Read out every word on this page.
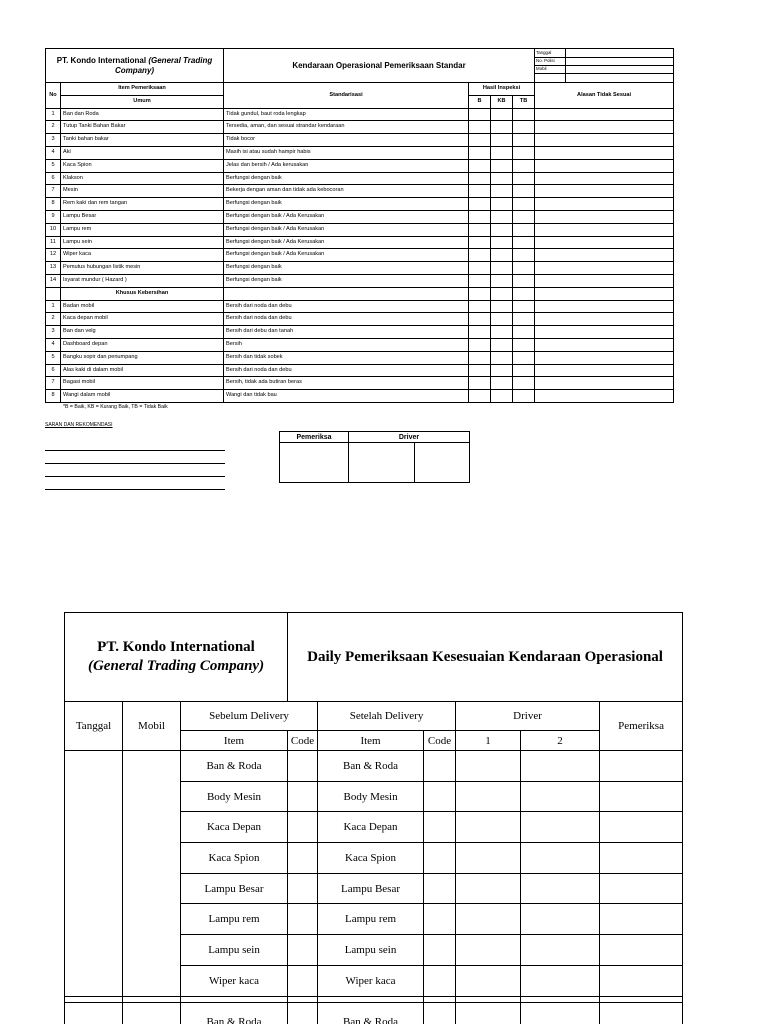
PT. Kondo International (General Trading Company)	Kendaraan Operasional Pemeriksaan Standar	
Tanggal	
No. Polisi	
Mobil	

No	Item Pemeriksaan	Standarisasi	Hasil Inspeksi	Alasan Tidak Sesuai
Umum	B	KB	TB
1	Ban dan Roda	Tidak gundul, baut roda lengkap				
2	Tutup Tanki Bahan Bakar	Tersedia, aman, dan sesuai strandar kendaraan				
3	Tanki bahan bakar	Tidak bocor				
4	Aki	Masih isi atau sudah hampir habis				
5	Kaca Spion	Jelas dan bersih / Ada kerusakan				
6	Klakson	Berfungsi dengan baik				
7	Mesin	Bekerja dengan aman dan tidak ada kebocoran				
8	Rem kaki dan rem tangan	Berfungsi dengan baik				
9	Lampu Besar	Berfungsi dengan baik / Ada Kerusakan				
10	Lampu rem	Berfungsi dengan baik / Ada Kerusakan				
11	Lampu sein	Berfungsi dengan baik / Ada Kerusakan				
12	Wiper kaca	Berfungsi dengan baik / Ada Kerusakan				
13	Pemutus hubungan listik mesin	Berfungsi dengan baik				
14	Isyarat mundur ( Hazard )	Berfungsi dengan baik				
	Khusus Kebersihan					
1	Badan mobil	Bersih dari noda dan debu				
2	Kaca depan mobil	Bersih dari noda dan debu				
3	Ban dan velg	Bersih dari debu dan tanah				
4	Dashboard depan	Bersih				
5	Bangku sopir dan penumpang	Bersih dan tidak sobek				
6	Alas kaki di dalam mobil	Bersih dari noda dan debu				
7	Bagasi mobil	Bersih, tidak ada butiran beras				
8	Wangi dalam mobil	Wangi dan tidak bau				
*B = Baik, KB = Kurang Baik, TB = Tidak Baik
SARAN DAN REKOMENDASI
Pemeriksa	Driver	

PT. Kondo International
(General Trading Company)			Daily Pemeriksaan Kesesuaian Kendaraan Operasional					
Tanggal	Mobil	Sebelum Delivery		Setelah Delivery		Driver		Pemeriksa
		Item	Code	Item	Code	1	2	
		Ban & Roda		Ban & Roda				
		Body Mesin		Body Mesin				
		Kaca Depan		Kaca Depan				
		Kaca Spion		Kaca Spion				
		Lampu Besar		Lampu Besar				
		Lampu rem		Lampu rem				
		Lampu sein		Lampu sein				
		Wiper kaca		Wiper kaca				

		Ban & Roda		Ban & Roda				
